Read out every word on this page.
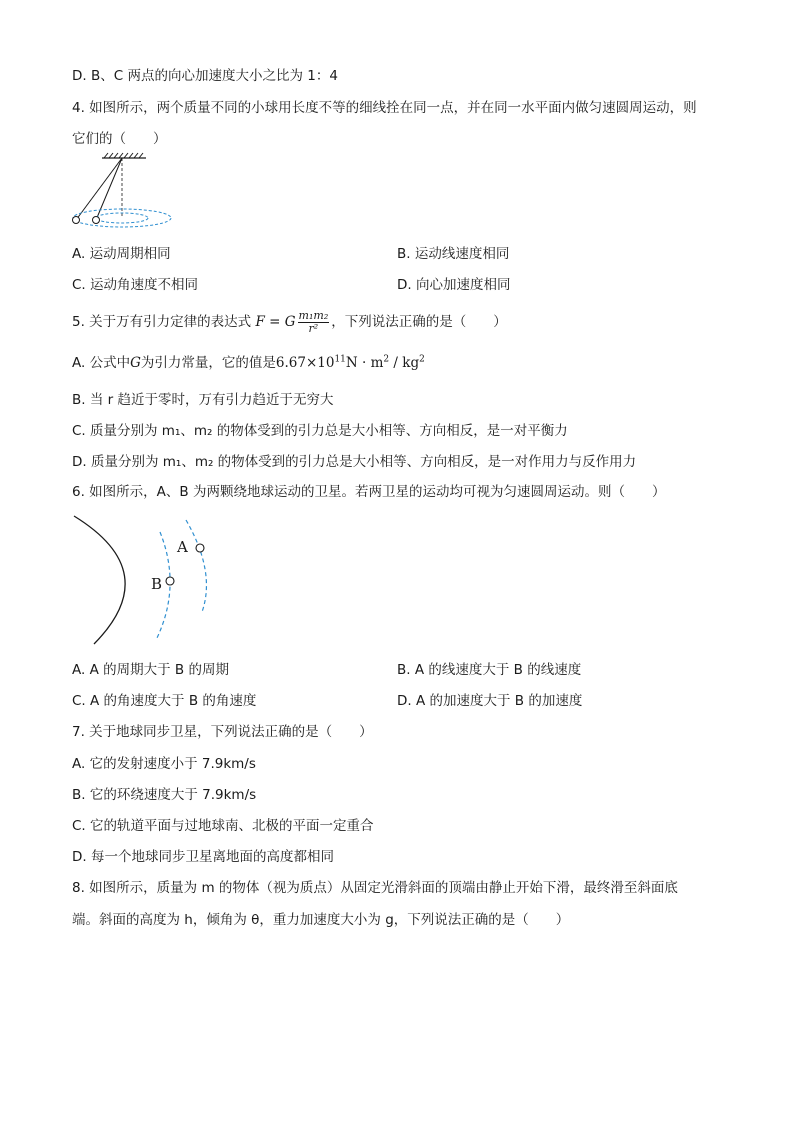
D. B、C 两点的向心加速度大小之比为 1：4
4. 如图所示，两个质量不同的小球用长度不等的细线拴在同一点，并在同一水平面内做匀速圆周运动，则
它们的（　　）
A. 运动周期相同	B. 运动线速度相同
C. 运动角速度不相同	D. 向心加速度相同
5. 关于万有引力定律的表达式 F = G $\frac{\text{m₁m₂}}{\text{r²}}$ ，下列说法正确的是（　　）
A. 公式中G为引力常量，它的值是$6.67\times 10^{11}N \cdot m^2 / kg^2$
B. 当 r 趋近于零时，万有引力趋近于无穷大
C. 质量分别为 m₁、m₂ 的物体受到的引力总是大小相等、方向相反，是一对平衡力
D. 质量分别为 m₁、m₂ 的物体受到的引力总是大小相等、方向相反，是一对作用力与反作用力
6. 如图所示，A、B 为两颗绕地球运动的卫星。若两卫星的运动均可视为匀速圆周运动。则（　　）
A
B
A. A 的周期大于 B 的周期	B. A 的线速度大于 B 的线速度
C. A 的角速度大于 B 的角速度	D. A 的加速度大于 B 的加速度
7. 关于地球同步卫星，下列说法正确的是（　　）
A. 它的发射速度小于 7.9km/s
B. 它的环绕速度大于 7.9km/s
C. 它的轨道平面与过地球南、北极的平面一定重合
D. 每一个地球同步卫星离地面的高度都相同
8. 如图所示，质量为 m 的物体（视为质点）从固定光滑斜面的顶端由静止开始下滑，最终滑至斜面底
端。斜面的高度为 h，倾角为 θ，重力加速度大小为 g，下列说法正确的是（　　）
